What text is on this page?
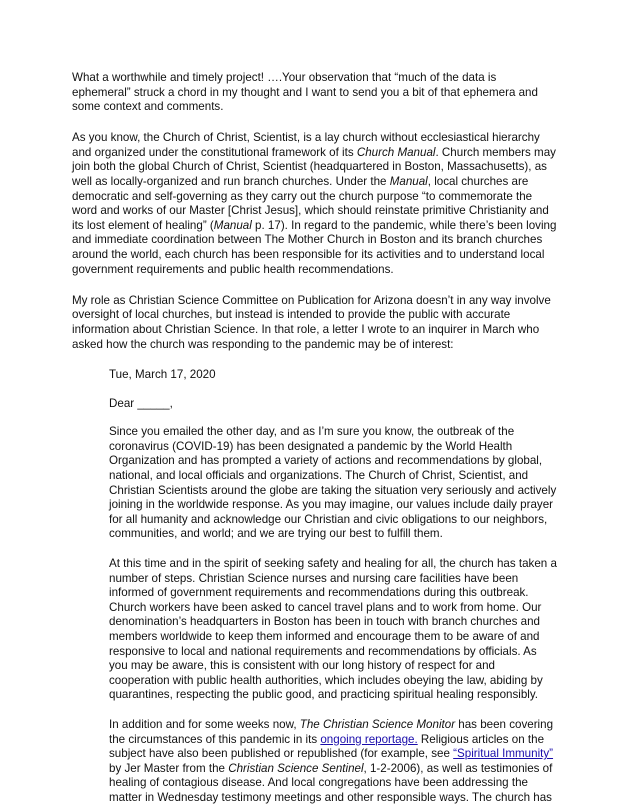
What a worthwhile and timely project! ….Your observation that “much of the data is ephemeral” struck a chord in my thought and I want to send you a bit of that ephemera and some context and comments.

As you know, the Church of Christ, Scientist, is a lay church without ecclesiastical hierarchy and organized under the constitutional framework of its Church Manual. Church members may join both the global Church of Christ, Scientist (headquartered in Boston, Massachusetts), as well as locally-organized and run branch churches. Under the Manual, local churches are democratic and self-governing as they carry out the church purpose “to commemorate the word and works of our Master [Christ Jesus], which should reinstate primitive Christianity and its lost element of healing” (Manual p. 17). In regard to the pandemic, while there’s been loving and immediate coordination between The Mother Church in Boston and its branch churches around the world, each church has been responsible for its activities and to understand local government requirements and public health recommendations.

My role as Christian Science Committee on Publication for Arizona doesn’t in any way involve oversight of local churches, but instead is intended to provide the public with accurate information about Christian Science. In that role, a letter I wrote to an inquirer in March who asked how the church was responding to the pandemic may be of interest:

Tue, March 17, 2020

Dear _____,

Since you emailed the other day, and as I’m sure you know, the outbreak of the coronavirus (COVID-19) has been designated a pandemic by the World Health Organization and has prompted a variety of actions and recommendations by global, national, and local officials and organizations. The Church of Christ, Scientist, and Christian Scientists around the globe are taking the situation very seriously and actively joining in the worldwide response. As you may imagine, our values include daily prayer for all humanity and acknowledge our Christian and civic obligations to our neighbors, communities, and world; and we are trying our best to fulfill them.

At this time and in the spirit of seeking safety and healing for all, the church has taken a number of steps. Christian Science nurses and nursing care facilities have been informed of government requirements and recommendations during this outbreak. Church workers have been asked to cancel travel plans and to work from home. Our denomination’s headquarters in Boston has been in touch with branch churches and members worldwide to keep them informed and encourage them to be aware of and responsive to local and national requirements and recommendations by officials. As you may be aware, this is consistent with our long history of respect for and cooperation with public health authorities, which includes obeying the law, abiding by quarantines, respecting the public good, and practicing spiritual healing responsibly.

In addition and for some weeks now, The Christian Science Monitor has been covering the circumstances of this pandemic in its ongoing reportage. Religious articles on the subject have also been published or republished (for example, see “Spiritual Immunity” by Jer Master from the Christian Science Sentinel, 1-2-2006), as well as testimonies of healing of contagious disease. And local congregations have been addressing the matter in Wednesday testimony meetings and other responsible ways. The church has
